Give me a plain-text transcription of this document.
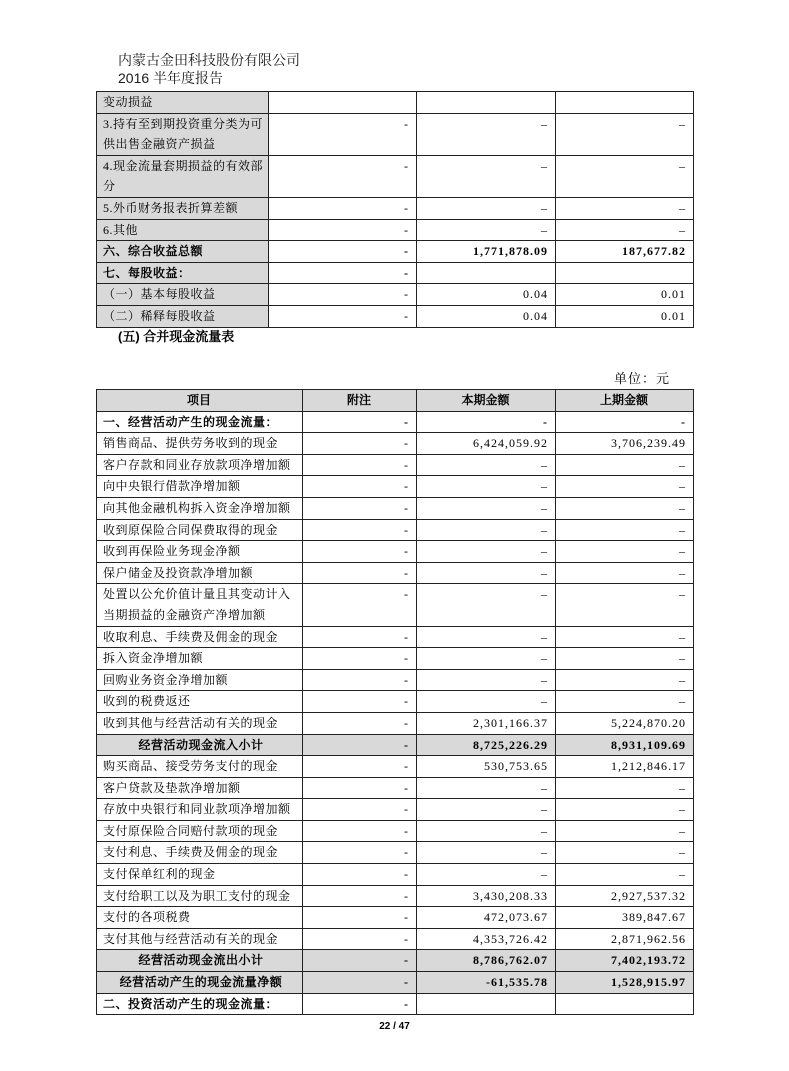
内蒙古金田科技股份有限公司
2016 半年度报告
变动损益			
3.持有至到期投资重分类为可供出售金融资产损益	-	–	–
4.现金流量套期损益的有效部分	-	–	–
5.外币财务报表折算差额	-	–	–
6.其他	-	–	–
六、综合收益总额	-	1,771,878.09	187,677.82
七、每股收益：	-		
（一）基本每股收益	-	0.04	0.01
（二）稀释每股收益	-	0.04	0.01
(五) 合并现金流量表
单位：元
项目	附注	本期金额	上期金额
一、经营活动产生的现金流量：	-	-	-
销售商品、提供劳务收到的现金	-	6,424,059.92	3,706,239.49
客户存款和同业存放款项净增加额	-	–	–
向中央银行借款净增加额	-	–	–
向其他金融机构拆入资金净增加额	-	–	–
收到原保险合同保费取得的现金	-	–	–
收到再保险业务现金净额	-	–	–
保户储金及投资款净增加额	-	–	–
处置以公允价值计量且其变动计入当期损益的金融资产净增加额	-	–	–
收取利息、手续费及佣金的现金	-	–	–
拆入资金净增加额	-	–	–
回购业务资金净增加额	-	–	–
收到的税费返还	-	–	–
收到其他与经营活动有关的现金	-	2,301,166.37	5,224,870.20
经营活动现金流入小计	-	8,725,226.29	8,931,109.69
购买商品、接受劳务支付的现金	-	530,753.65	1,212,846.17
客户贷款及垫款净增加额	-	–	–
存放中央银行和同业款项净增加额	-	–	–
支付原保险合同赔付款项的现金	-	–	–
支付利息、手续费及佣金的现金	-	–	–
支付保单红利的现金	-	–	–
支付给职工以及为职工支付的现金	-	3,430,208.33	2,927,537.32
支付的各项税费	-	472,073.67	389,847.67
支付其他与经营活动有关的现金	-	4,353,726.42	2,871,962.56
经营活动现金流出小计	-	8,786,762.07	7,402,193.72
经营活动产生的现金流量净额	-	-61,535.78	1,528,915.97
二、投资活动产生的现金流量：	-		
22 / 47
